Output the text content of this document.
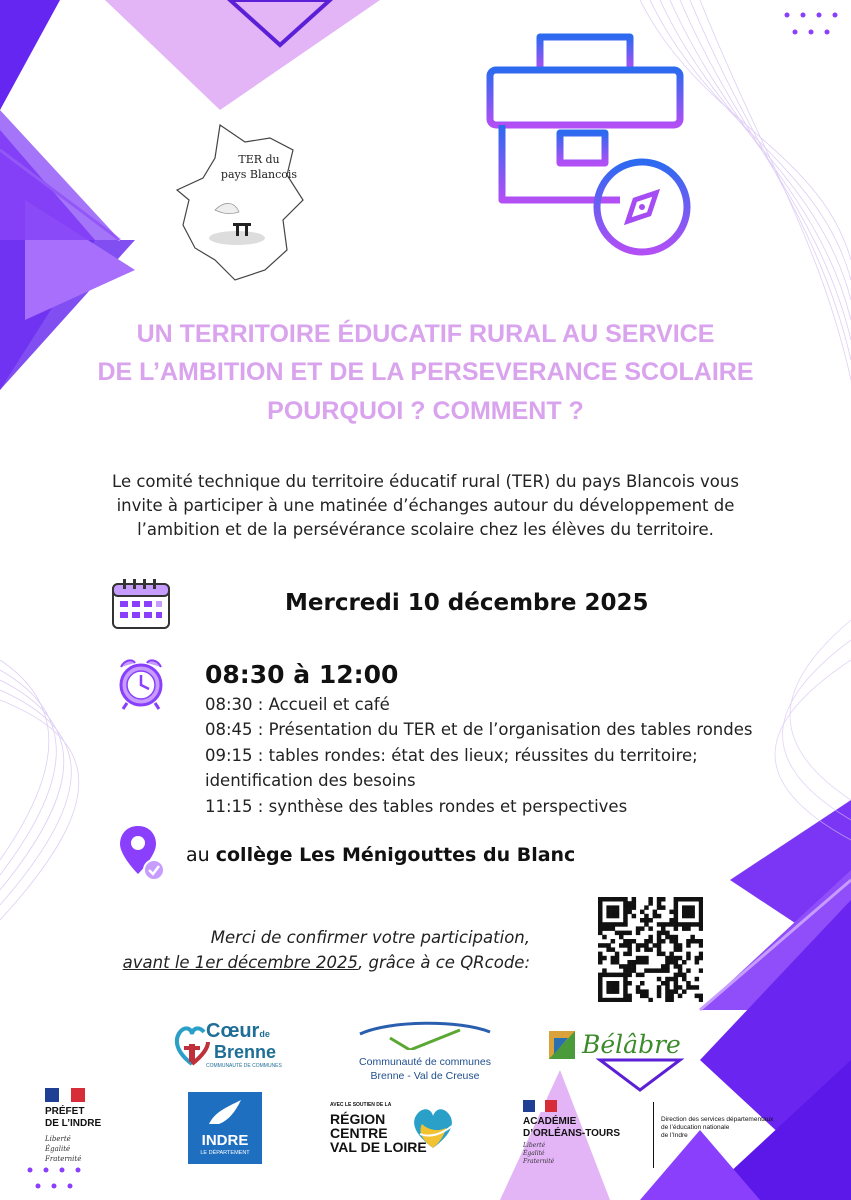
TER du
pays Blancois
UN TERRITOIRE ÉDUCATIF RURAL AU SERVICE
DE L’AMBITION ET DE LA PERSEVERANCE SCOLAIRE
POURQUOI ? COMMENT ?
Le comité technique du territoire éducatif rural (TER) du pays Blancois vous
invite à participer à une matinée d’échanges autour du développement de
l’ambition et de la persévérance scolaire chez les élèves du territoire.
Mercredi 10 décembre 2025
08:30 à 12:00
08:30 : Accueil et café
08:45 : Présentation du TER et de l’organisation des tables rondes
09:15 : tables rondes: état des lieux; réussites du territoire;
identification des besoins
11:15 : synthèse des tables rondes et perspectives
au collège Les Ménigouttes du Blanc
Merci de confirmer votre participation,
avant le 1er décembre 2025, grâce à ce QRcode:
Cœurde
Brenne
COMMUNAUTÉ DE COMMUNES	Communauté de communes
Brenne - Val de Creuse
Bélâbre
PRÉFET
DE L’INDRE
Liberté
Égalité
Fraternité
INDRE
LE DÉPARTEMENT
AVEC LE SOUTIEN DE LA
RÉGION
CENTRE
VAL DE LOIRE
ACADÉMIE
D’ORLÉANS-TOURS
Liberté
Égalité
Fraternité
Direction des services départementaux
de l’éducation nationale
de l’Indre
